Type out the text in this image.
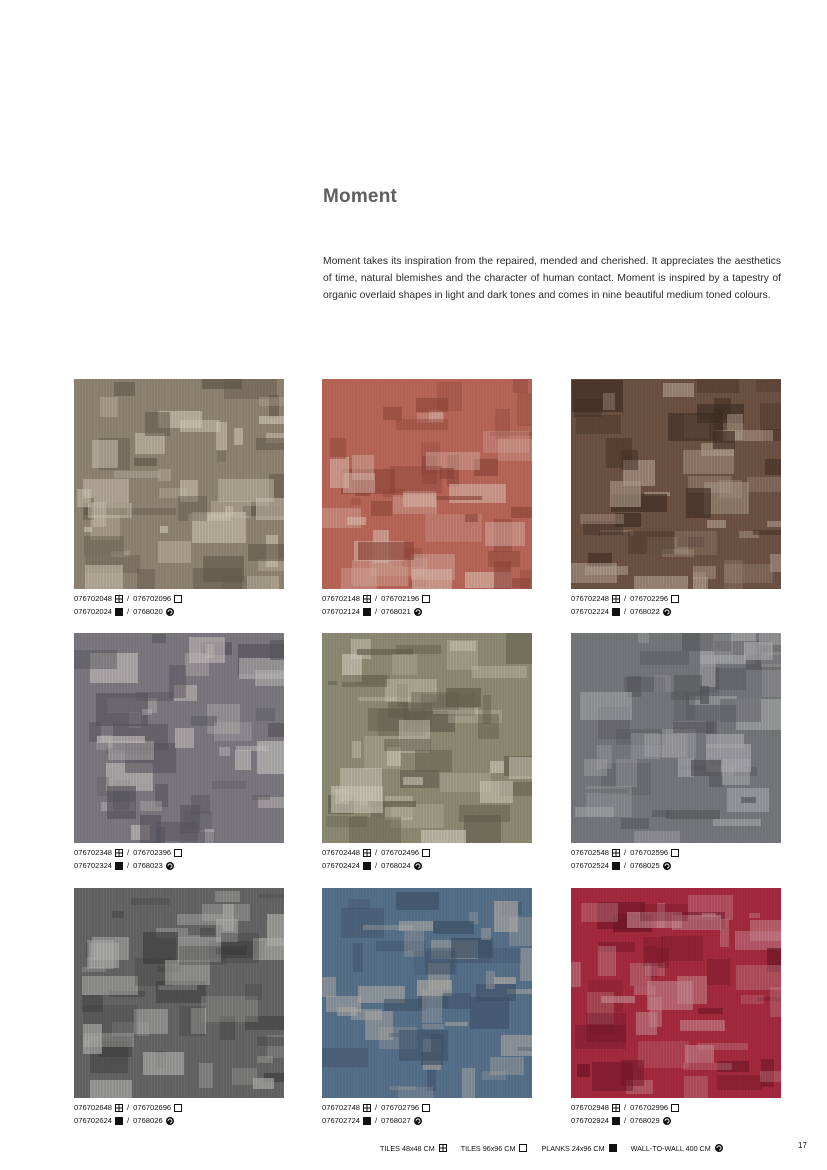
Moment
Moment takes its inspiration from the repaired, mended and cherished. It appreciates the aesthetics of time, natural blemishes and the character of human contact. Moment is inspired by a tapestry of organic overlaid shapes in light and dark tones and comes in nine beautiful medium toned colours.
076702048 / 076702096
076702024 / 0768020
076702148 / 076702196
076702124 / 0768021
076702248 / 076702296
076702224 / 0768022
076702348 / 076702396
076702324 / 0768023
076702448 / 076702496
076702424 / 0768024
076702548 / 076702596
076702524 / 0768025
076702648 / 076702696
076702624 / 0768026
076702748 / 076702796
076702724 / 0768027
076702948 / 076702996
076702924 / 0768029
TILES 48x48 CM	TILES 96x96 CM	PLANKS 24x96 CM	WALL-TO-WALL 400 CM	17
